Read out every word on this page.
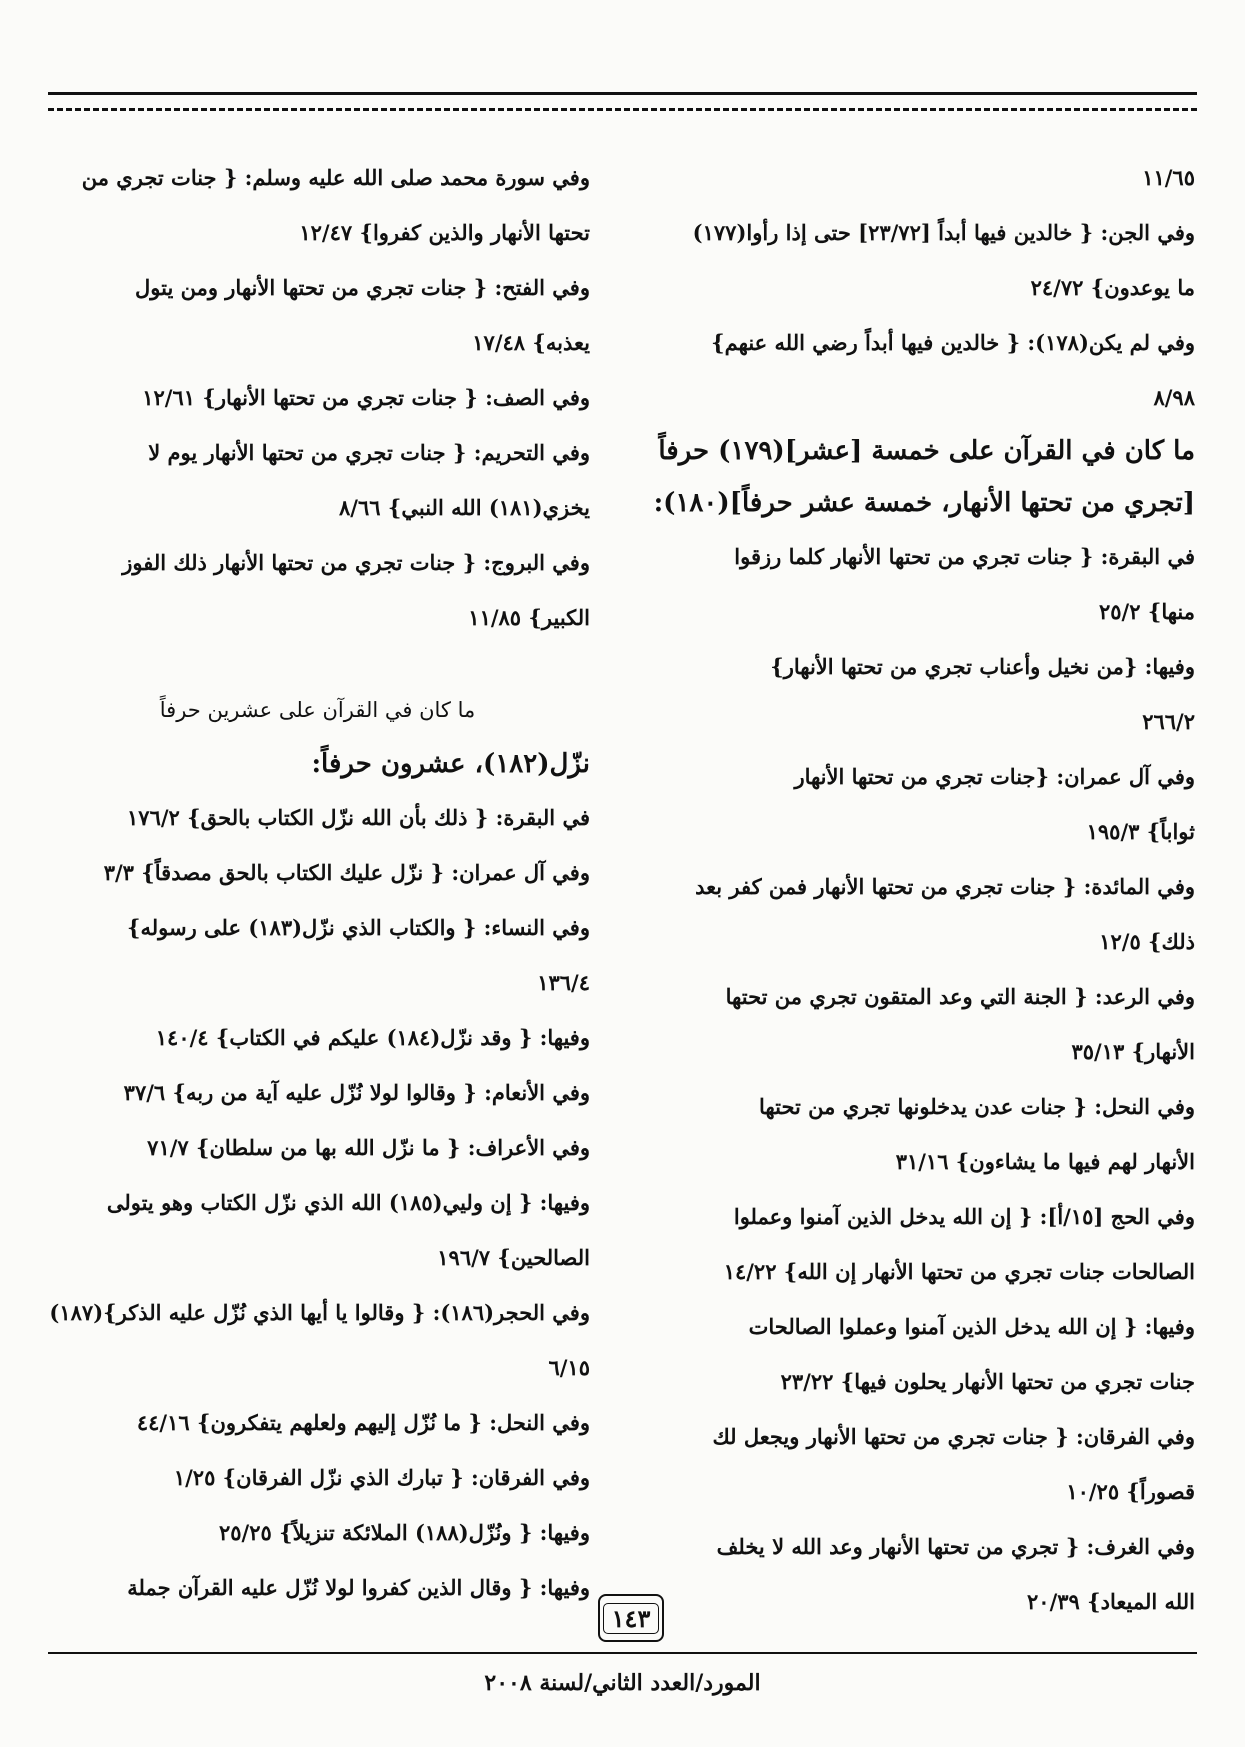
١١/٦٥
وفي الجن: { خالدين فيها أبداً [٢٣/٧٢] حتى إذا رأوا(١٧٧)
ما يوعدون} ٢٤/٧٢
وفي لم يكن(١٧٨): { خالدين فيها أبداً رضي الله عنهم}
٨/٩٨
ما كان في القرآن على خمسة [عشر](١٧٩) حرفاً
[تجري من تحتها الأنهار، خمسة عشر حرفاً](١٨٠):
في البقرة: { جنات تجري من تحتها الأنهار كلما رزقوا
منها} ٢٥/٢
وفيها: {من نخيل وأعناب تجري من تحتها الأنهار}
٢٦٦/٢
وفي آل عمران: {جنات تجري من تحتها الأنهار
ثواباً} ١٩٥/٣
وفي المائدة: { جنات تجري من تحتها الأنهار فمن كفر بعد
ذلك} ١٢/٥
وفي الرعد: { الجنة التي وعد المتقون تجري من تحتها
الأنهار} ٣٥/١٣
وفي النحل: { جنات عدن يدخلونها تجري من تحتها
الأنهار لهم فيها ما يشاءون} ٣١/١٦
وفي الحج [١٥/أ]: { إن الله يدخل الذين آمنوا وعملوا
الصالحات جنات تجري من تحتها الأنهار إن الله} ١٤/٢٢
وفيها: { إن الله يدخل الذين آمنوا وعملوا الصالحات
جنات تجري من تحتها الأنهار يحلون فيها} ٢٣/٢٢
وفي الفرقان: { جنات تجري من تحتها الأنهار ويجعل لك
قصوراً} ١٠/٢٥
وفي الغرف: { تجري من تحتها الأنهار وعد الله لا يخلف
الله الميعاد} ٢٠/٣٩
وفي سورة محمد صلى الله عليه وسلم: { جنات تجري من
تحتها الأنهار والذين كفروا} ١٢/٤٧
وفي الفتح: { جنات تجري من تحتها الأنهار ومن يتول
يعذبه} ١٧/٤٨
وفي الصف: { جنات تجري من تحتها الأنهار} ١٢/٦١
وفي التحريم: { جنات تجري من تحتها الأنهار يوم لا
يخزي(١٨١) الله النبي} ٨/٦٦
وفي البروج: { جنات تجري من تحتها الأنهار ذلك الفوز
الكبير} ١١/٨٥
ما كان في القرآن على عشرين حرفاً
نزّل(١٨٢)، عشرون حرفاً:
في البقرة: { ذلك بأن الله نزّل الكتاب بالحق} ١٧٦/٢
وفي آل عمران: { نزّل عليك الكتاب بالحق مصدقاً} ٣/٣
وفي النساء: { والكتاب الذي نزّل(١٨٣) على رسوله}
١٣٦/٤
وفيها: { وقد نزّل(١٨٤) عليكم في الكتاب} ١٤٠/٤
وفي الأنعام: { وقالوا لولا نُزّل عليه آية من ربه} ٣٧/٦
وفي الأعراف: { ما نزّل الله بها من سلطان} ٧١/٧
وفيها: { إن وليي(١٨٥) الله الذي نزّل الكتاب وهو يتولى
الصالحين} ١٩٦/٧
وفي الحجر(١٨٦): { وقالوا يا أيها الذي نُزّل عليه الذكر}(١٨٧)
٦/١٥
وفي النحل: { ما نُزّل إليهم ولعلهم يتفكرون} ٤٤/١٦
وفي الفرقان: { تبارك الذي نزّل الفرقان} ١/٢٥
وفيها: { ونُزّل(١٨٨) الملائكة تنزيلاً} ٢٥/٢٥
وفيها: { وقال الذين كفروا لولا نُزّل عليه القرآن جملة
١٤٣
المورد/العدد الثاني/لسنة ٢٠٠٨
